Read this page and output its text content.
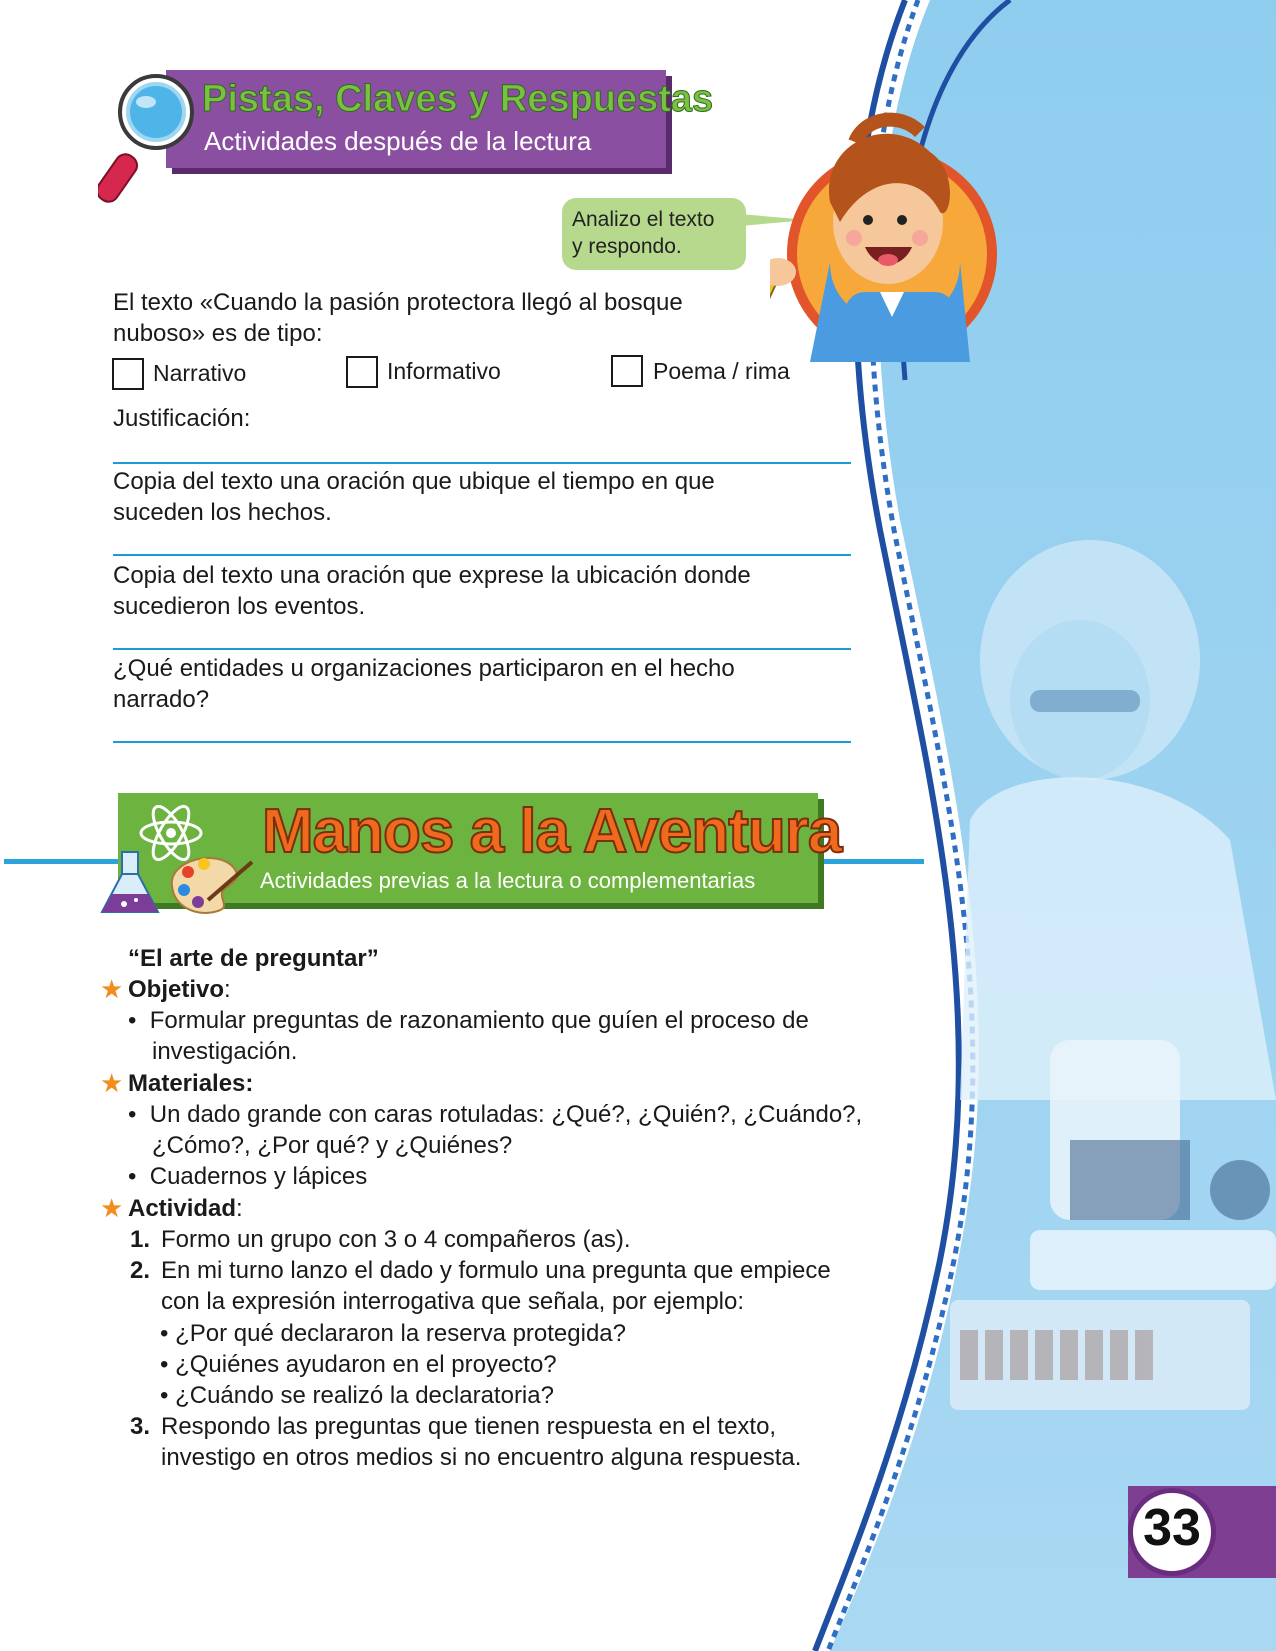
Pistas, Claves y Respuestas
Actividades después de la lectura
Analizo el texto
y respondo.
El texto «Cuando la pasión protectora llegó al bosque
nuboso» es de tipo:
Narrativo	Informativo	Poema / rima
Justificación:
Copia del texto una oración que ubique el tiempo en que
suceden los hechos.
Copia del texto una oración que exprese la ubicación donde
sucedieron los eventos.
¿Qué entidades u organizaciones participaron en el hecho
narrado?
Manos a la Aventura
Actividades previas a la lectura o complementarias
“El arte de preguntar”
★ Objetivo:
•  Formular preguntas de razonamiento que guíen el proceso de
investigación.
★ Materiales:
•  Un dado grande con caras rotuladas: ¿Qué?, ¿Quién?, ¿Cuándo?,
¿Cómo?, ¿Por qué? y ¿Quiénes?
•  Cuadernos y lápices
★ Actividad:
1. Formo un grupo con 3 o 4 compañeros (as).
2. En mi turno lanzo el dado y formulo una pregunta que empiece
con la expresión interrogativa que señala, por ejemplo:
• ¿Por qué declararon la reserva protegida?
• ¿Quiénes ayudaron en el proyecto?
• ¿Cuándo se realizó la declaratoria?
3. Respondo las preguntas que tienen respuesta en el texto,
investigo en otros medios si no encuentro alguna respuesta.
33
